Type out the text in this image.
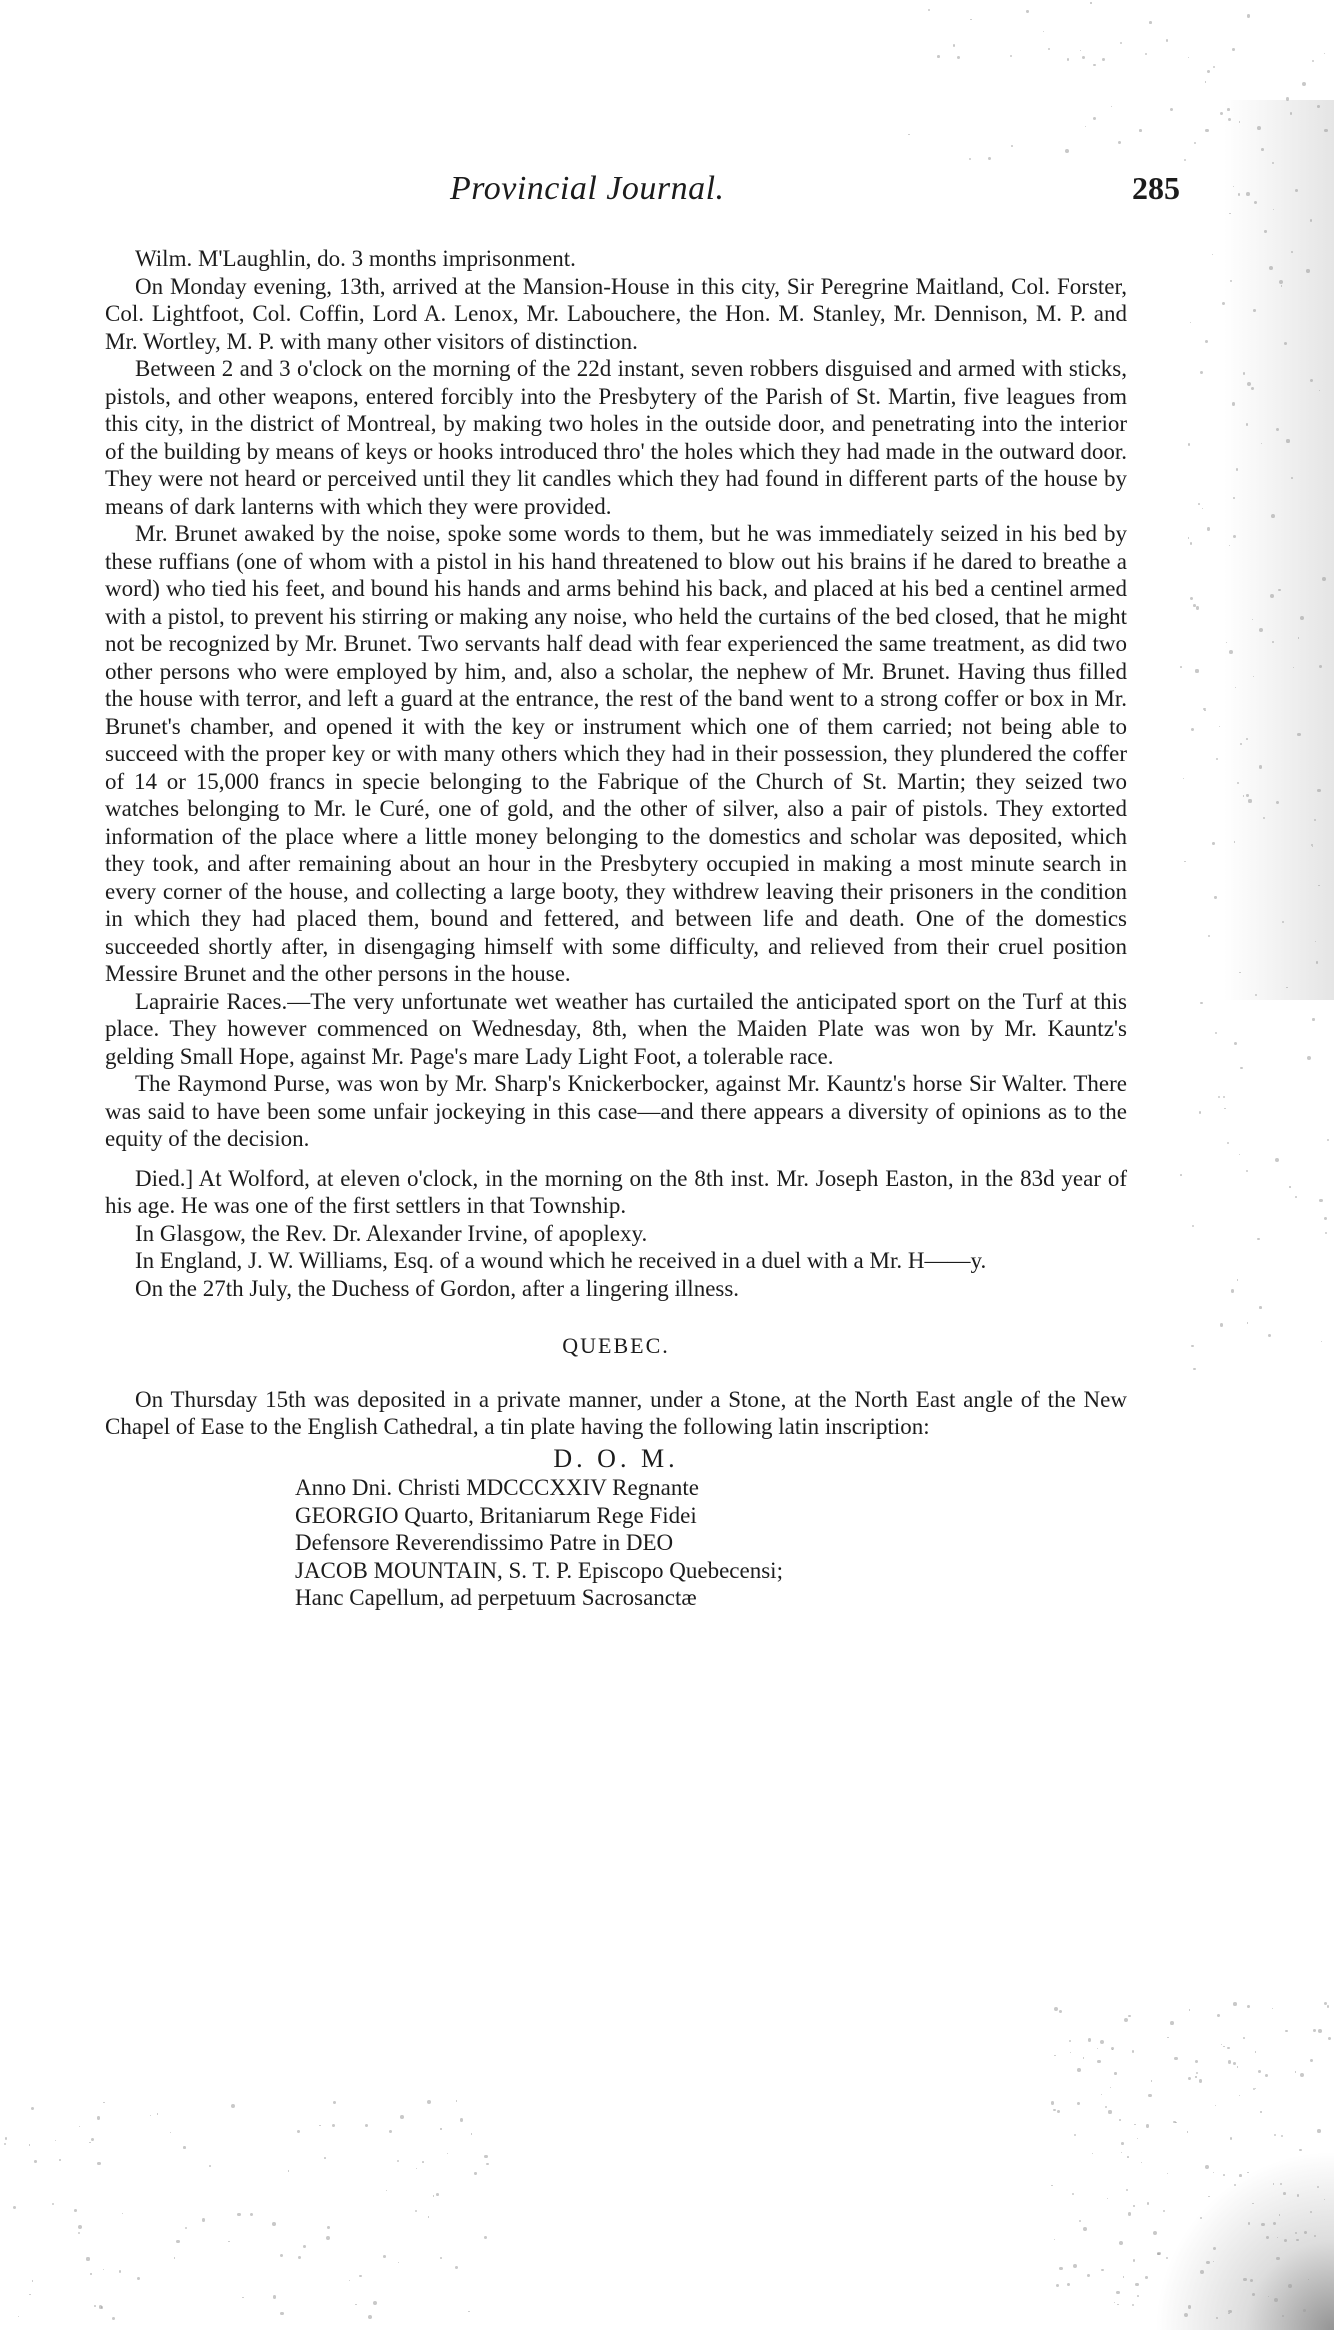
Provincial Journal.	285

Wilm. M'Laughlin, do. 3 months imprisonment.

On Monday evening, 13th, arrived at the Mansion-House in this city, Sir Peregrine Maitland, Col. Forster, Col. Lightfoot, Col. Coffin, Lord A. Lenox, Mr. Labouchere, the Hon. M. Stanley, Mr. Dennison, M. P. and Mr. Wortley, M. P. with many other visitors of distinction.

Between 2 and 3 o'clock on the morning of the 22d instant, seven robbers disguised and armed with sticks, pistols, and other weapons, entered forcibly into the Presbytery of the Parish of St. Martin, five leagues from this city, in the district of Montreal, by making two holes in the outside door, and penetrating into the interior of the building by means of keys or hooks introduced thro' the holes which they had made in the outward door. They were not heard or perceived until they lit candles which they had found in different parts of the house by means of dark lanterns with which they were provided.

Mr. Brunet awaked by the noise, spoke some words to them, but he was immediately seized in his bed by these ruffians (one of whom with a pistol in his hand threatened to blow out his brains if he dared to breathe a word) who tied his feet, and bound his hands and arms behind his back, and placed at his bed a centinel armed with a pistol, to prevent his stirring or making any noise, who held the curtains of the bed closed, that he might not be recognized by Mr. Brunet. Two servants half dead with fear experienced the same treatment, as did two other persons who were employed by him, and, also a scholar, the nephew of Mr. Brunet. Having thus filled the house with terror, and left a guard at the entrance, the rest of the band went to a strong coffer or box in Mr. Brunet's chamber, and opened it with the key or instrument which one of them carried; not being able to succeed with the proper key or with many others which they had in their possession, they plundered the coffer of 14 or 15,000 francs in specie belonging to the Fabrique of the Church of St. Martin; they seized two watches belonging to Mr. le Curé, one of gold, and the other of silver, also a pair of pistols. They extorted information of the place where a little money belonging to the domestics and scholar was deposited, which they took, and after remaining about an hour in the Presbytery occupied in making a most minute search in every corner of the house, and collecting a large booty, they withdrew leaving their prisoners in the condition in which they had placed them, bound and fettered, and between life and death. One of the domestics succeeded shortly after, in disengaging himself with some difficulty, and relieved from their cruel position Messire Brunet and the other persons in the house.

Laprairie Races.—The very unfortunate wet weather has curtailed the anticipated sport on the Turf at this place. They however commenced on Wednesday, 8th, when the Maiden Plate was won by Mr. Kauntz's gelding Small Hope, against Mr. Page's mare Lady Light Foot, a tolerable race.

The Raymond Purse, was won by Mr. Sharp's Knickerbocker, against Mr. Kauntz's horse Sir Walter. There was said to have been some unfair jockeying in this case—and there appears a diversity of opinions as to the equity of the decision.

Died.] At Wolford, at eleven o'clock, in the morning on the 8th inst. Mr. Joseph Easton, in the 83d year of his age. He was one of the first settlers in that Township.

In Glasgow, the Rev. Dr. Alexander Irvine, of apoplexy.

In England, J. W. Williams, Esq. of a wound which he received in a duel with a Mr. H——y.

On the 27th July, the Duchess of Gordon, after a lingering illness.

QUEBEC.

On Thursday 15th was deposited in a private manner, under a Stone, at the North East angle of the New Chapel of Ease to the English Cathedral, a tin plate having the following latin inscription:

D. O. M.
Anno Dni. Christi MDCCCXXIV Regnante
GEORGIO Quarto, Britaniarum Rege Fidei
Defensore Reverendissimo Patre in DEO
JACOB MOUNTAIN, S. T. P. Episcopo Quebecensi;
Hanc Capellum, ad perpetuum Sacrosanctæ
